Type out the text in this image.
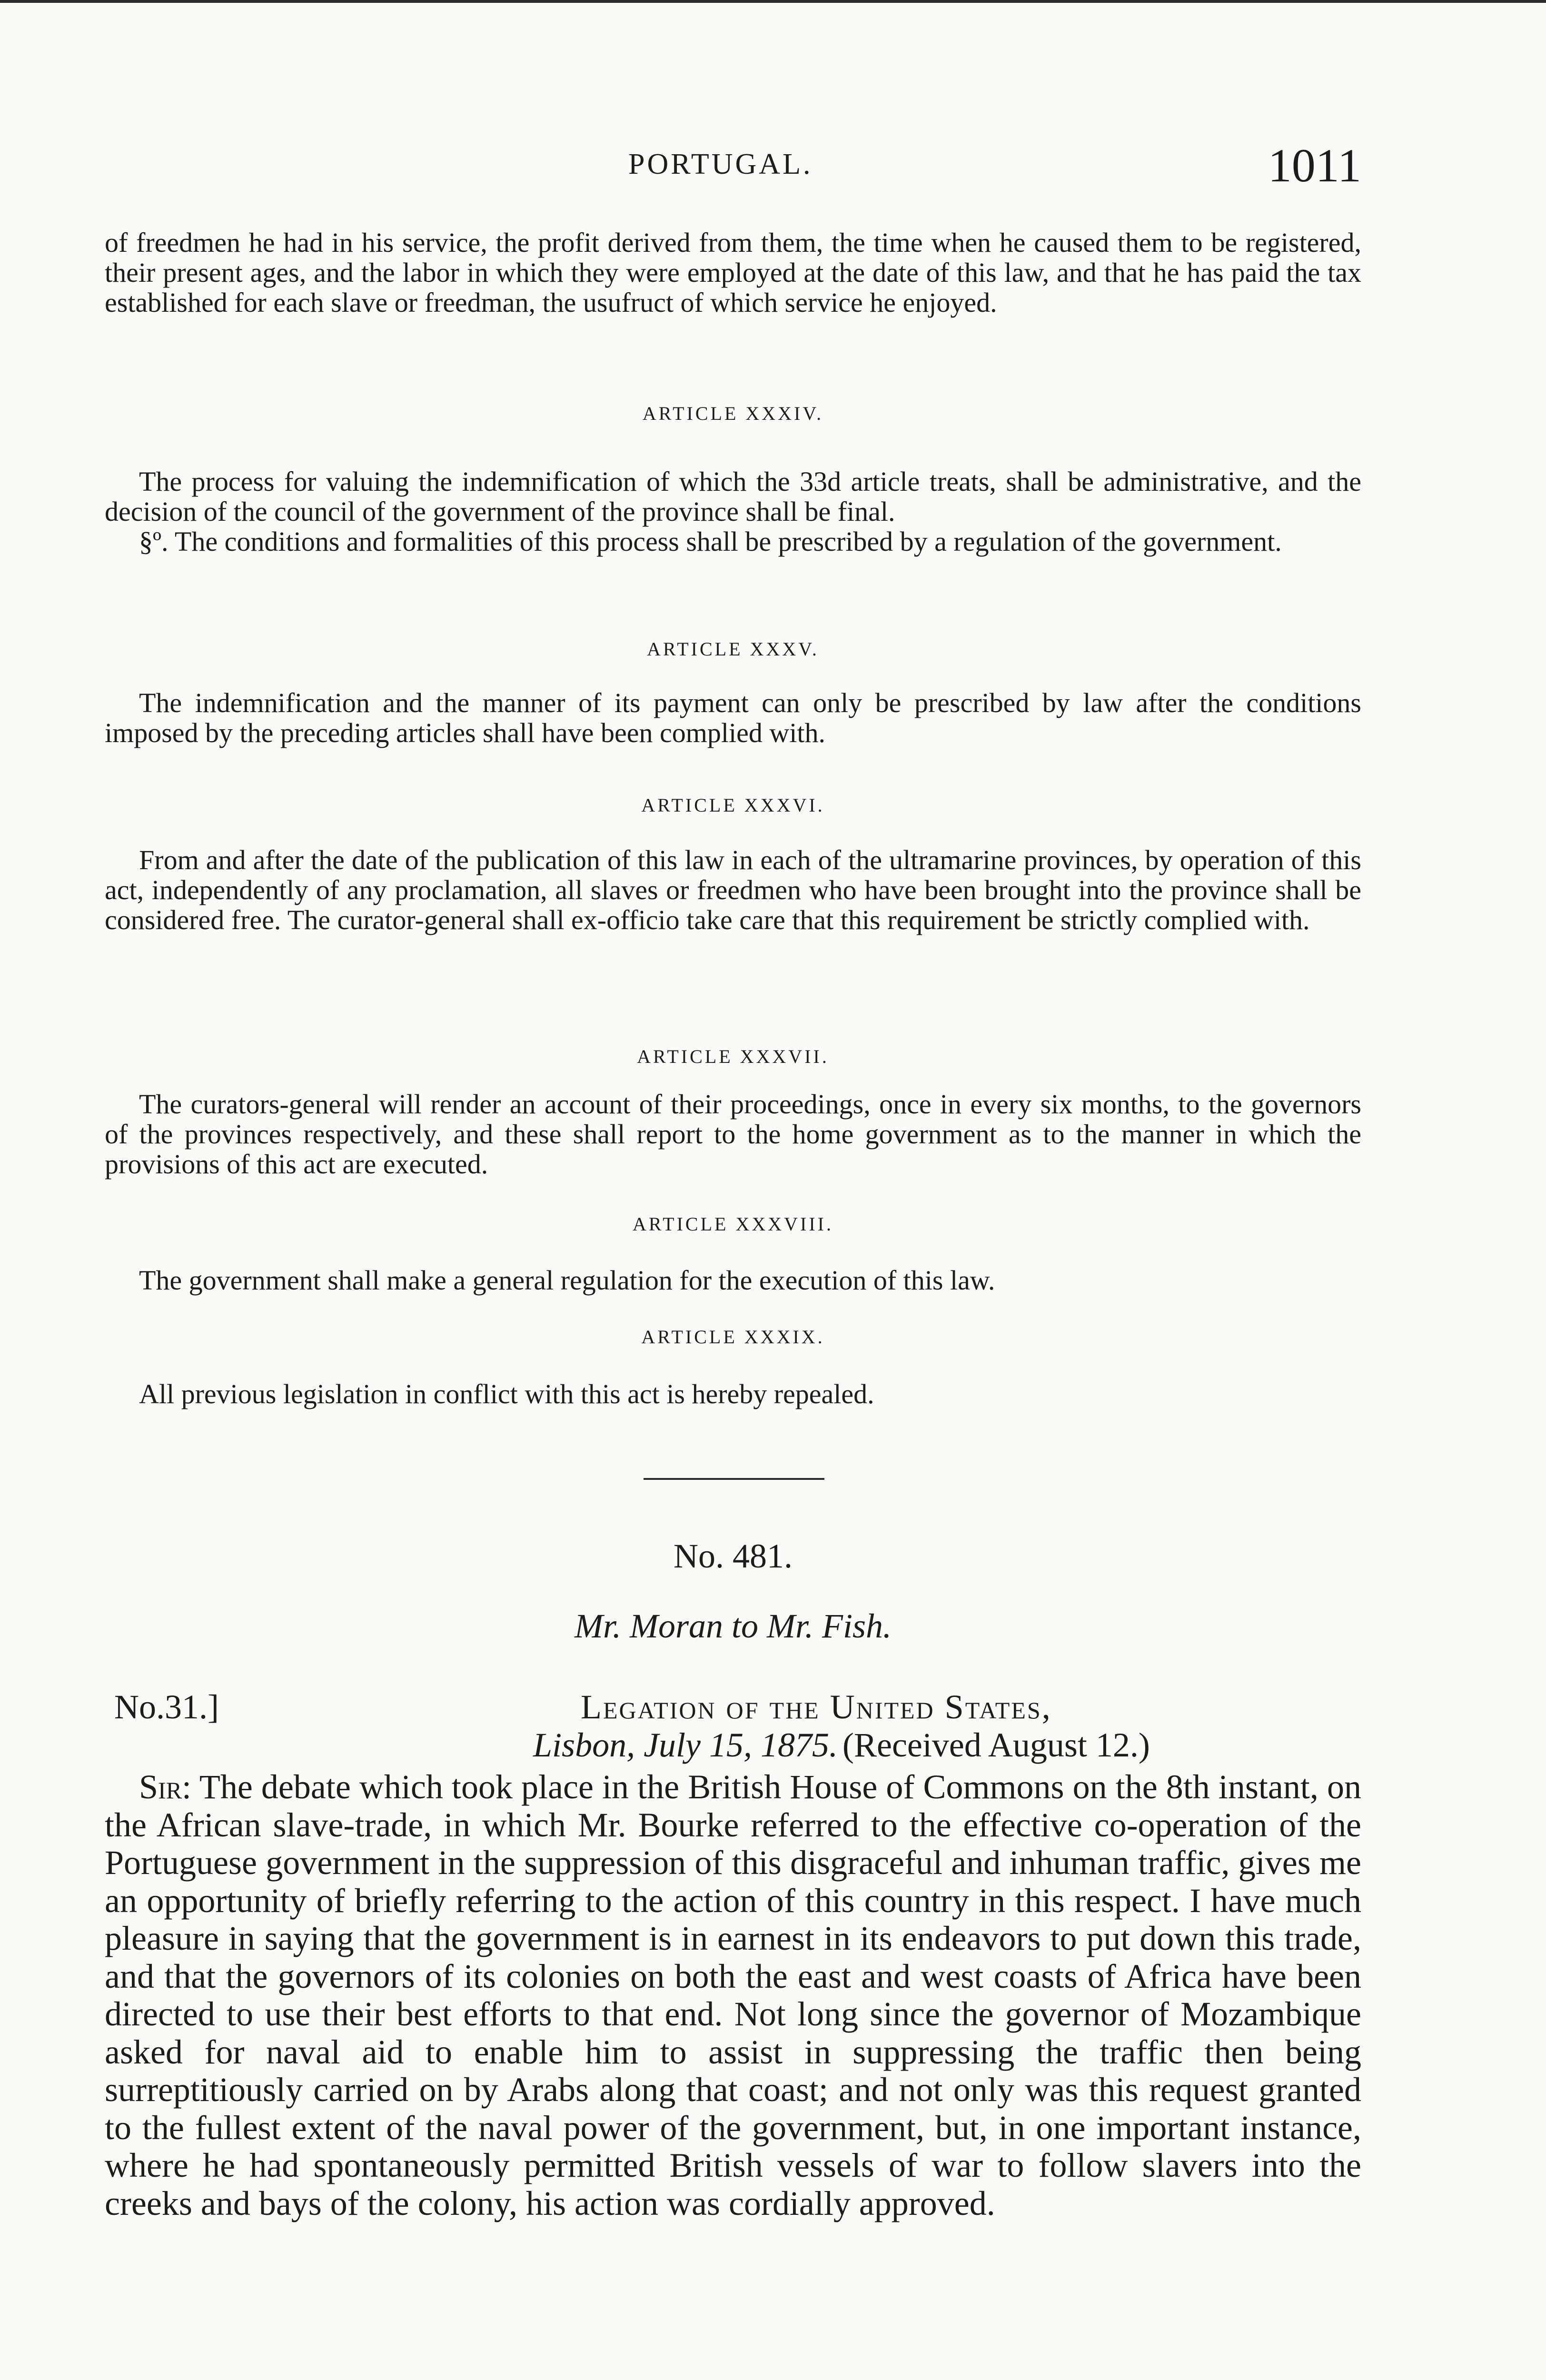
PORTUGAL.	1011

of freedmen he had in his service, the profit derived from them, the time when he caused them to be registered, their present ages, and the labor in which they were employed at the date of this law, and that he has paid the tax established for each slave or freedman, the usufruct of which service he enjoyed.

ARTICLE XXXIV.

The process for valuing the indemnification of which the 33d article treats, shall be administrative, and the decision of the council of the government of the province shall be final.

§º. The conditions and formalities of this process shall be prescribed by a regulation of the government.

ARTICLE XXXV.

The indemnification and the manner of its payment can only be prescribed by law after the conditions imposed by the preceding articles shall have been complied with.

ARTICLE XXXVI.

From and after the date of the publication of this law in each of the ultramarine provinces, by operation of this act, independently of any proclamation, all slaves or freedmen who have been brought into the province shall be considered free. The curator-general shall ex-officio take care that this requirement be strictly complied with.

ARTICLE XXXVII.

The curators-general will render an account of their proceedings, once in every six months, to the governors of the provinces respectively, and these shall report to the home government as to the manner in which the provisions of this act are executed.

ARTICLE XXXVIII.

The government shall make a general regulation for the execution of this law.

ARTICLE XXXIX.

All previous legislation in conflict with this act is hereby repealed.

No. 481.
Mr. Moran to Mr. Fish.
No.31.]	Legation of the United States,
Lisbon, July 15, 1875. (Received August 12.)

Sir: The debate which took place in the British House of Commons on the 8th instant, on the African slave-trade, in which Mr. Bourke referred to the effective co-operation of the Portuguese government in the suppression of this disgraceful and inhuman traffic, gives me an opportunity of briefly referring to the action of this country in this respect. I have much pleasure in saying that the government is in earnest in its endeavors to put down this trade, and that the governors of its colonies on both the east and west coasts of Africa have been directed to use their best efforts to that end. Not long since the governor of Mozambique asked for naval aid to enable him to assist in suppressing the traffic then being surreptitiously carried on by Arabs along that coast; and not only was this request granted to the fullest extent of the naval power of the government, but, in one important instance, where he had spontaneously permitted British vessels of war to follow slavers into the creeks and bays of the colony, his action was cordially approved.
